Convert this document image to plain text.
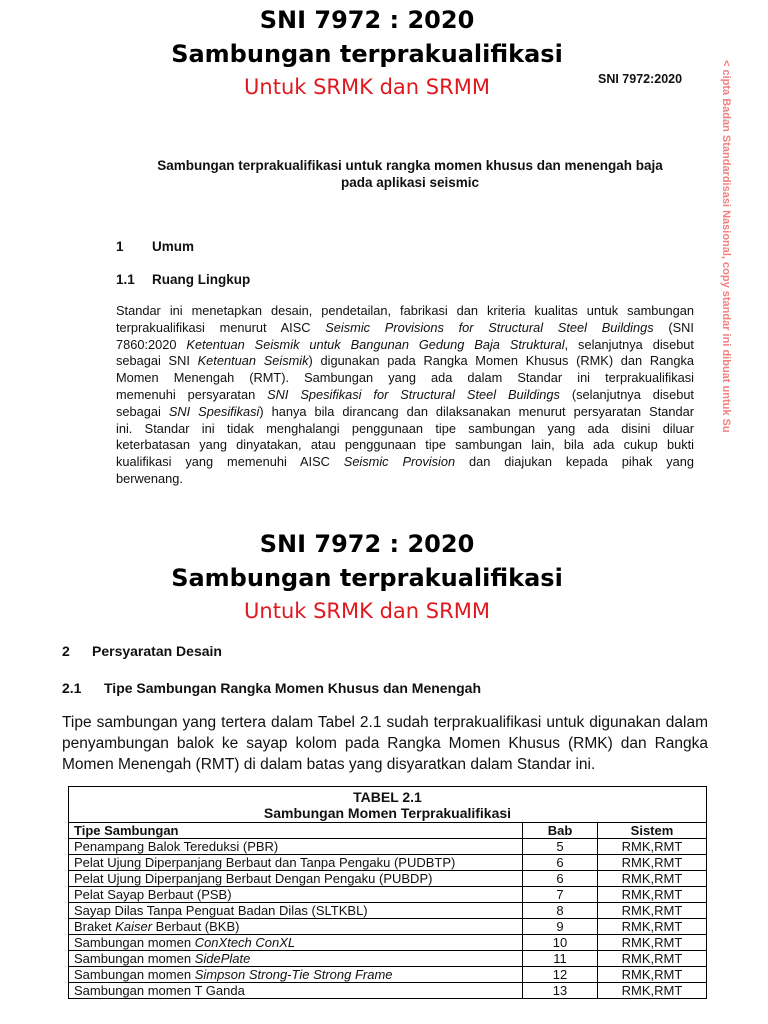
SNI 7972 : 2020
Sambungan terprakualifikasi
Untuk SRMK dan SRMM	SNI 7972:2020
Sambungan terprakualifikasi untuk rangka momen khusus dan menengah baja
pada aplikasi seismic
1 Umum
1.1 Ruang Lingkup
Standar ini menetapkan desain, pendetailan, fabrikasi dan kriteria kualitas untuk sambungan
terprakualifikasi menurut AISC Seismic Provisions for Structural Steel Buildings (SNI
7860:2020 Ketentuan Seismik untuk Bangunan Gedung Baja Struktural, selanjutnya disebut
sebagai SNI Ketentuan Seismik) digunakan pada Rangka Momen Khusus (RMK) dan Rangka
Momen Menengah (RMT). Sambungan yang ada dalam Standar ini terprakualifikasi
memenuhi persyaratan SNI Spesifikasi for Structural Steel Buildings (selanjutnya disebut
sebagai SNI Spesifikasi) hanya bila dirancang dan dilaksanakan menurut persyaratan Standar
ini. Standar ini tidak menghalangi penggunaan tipe sambungan yang ada disini diluar
keterbatasan yang dinyatakan, atau penggunaan tipe sambungan lain, bila ada cukup bukti
kualifikasi yang memenuhi AISC Seismic Provision dan diajukan kepada pihak yang
berwenang.
< cipta Badan Standardisasi Nasional, copy standar ini dibuat untuk Su
SNI 7972 : 2020
Sambungan terprakualifikasi
Untuk SRMK dan SRMM
2 Persyaratan Desain
2.1 Tipe Sambungan Rangka Momen Khusus dan Menengah
Tipe sambungan yang tertera dalam Tabel 2.1 sudah terprakualifikasi untuk digunakan dalam
penyambungan balok ke sayap kolom pada Rangka Momen Khusus (RMK) dan Rangka
Momen Menengah (RMT) di dalam batas yang disyaratkan dalam Standar ini.
TABEL 2.1
Sambungan Momen Terprakualifikasi		

Tipe Sambungan	Bab	Sistem
Penampang Balok Tereduksi (PBR)	5	RMK,RMT
Pelat Ujung Diperpanjang Berbaut dan Tanpa Pengaku (PUDBTP)	6	RMK,RMT
Pelat Ujung Diperpanjang Berbaut Dengan Pengaku (PUBDP)	6	RMK,RMT
Pelat Sayap Berbaut (PSB)	7	RMK,RMT
Sayap Dilas Tanpa Penguat Badan Dilas (SLTKBL)	8	RMK,RMT
Braket Kaiser Berbaut (BKB)	9	RMK,RMT
Sambungan momen ConXtech ConXL	10	RMK,RMT
Sambungan momen SidePlate	11	RMK,RMT
Sambungan momen Simpson Strong-Tie Strong Frame	12	RMK,RMT
Sambungan momen T Ganda	13	RMK,RMT
